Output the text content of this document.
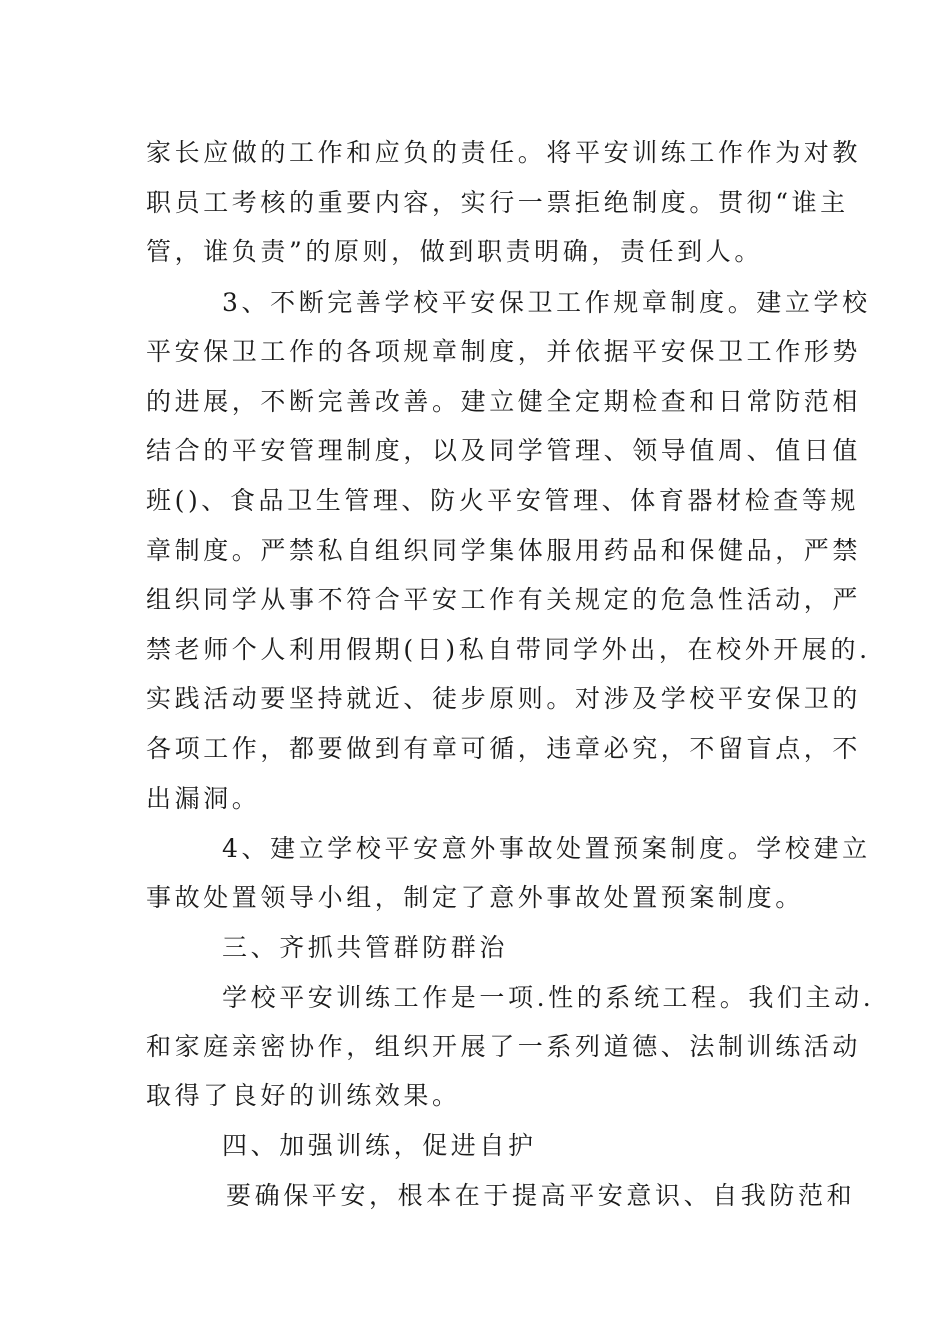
家长应做的工作和应负的责任。将平安训练工作作为对教
职员工考核的重要内容，实行一票拒绝制度。贯彻“谁主
管，谁负责”的原则，做到职责明确，责任到人。
3、不断完善学校平安保卫工作规章制度。建立学校
平安保卫工作的各项规章制度，并依据平安保卫工作形势
的进展，不断完善改善。建立健全定期检查和日常防范相
结合的平安管理制度，以及同学管理、领导值周、值日值
班()、食品卫生管理、防火平安管理、体育器材检查等规
章制度。严禁私自组织同学集体服用药品和保健品，严禁
组织同学从事不符合平安工作有关规定的危急性活动，严
禁老师个人利用假期(日)私自带同学外出，在校外开展的.
实践活动要坚持就近、徒步原则。对涉及学校平安保卫的
各项工作，都要做到有章可循，违章必究，不留盲点，不
出漏洞。
4、建立学校平安意外事故处置预案制度。学校建立
事故处置领导小组，制定了意外事故处置预案制度。
三、齐抓共管群防群治
学校平安训练工作是一项.性的系统工程。我们主动.
和家庭亲密协作，组织开展了一系列道德、法制训练活动
取得了良好的训练效果。
四、加强训练，促进自护
要确保平安，根本在于提高平安意识、自我防范和
